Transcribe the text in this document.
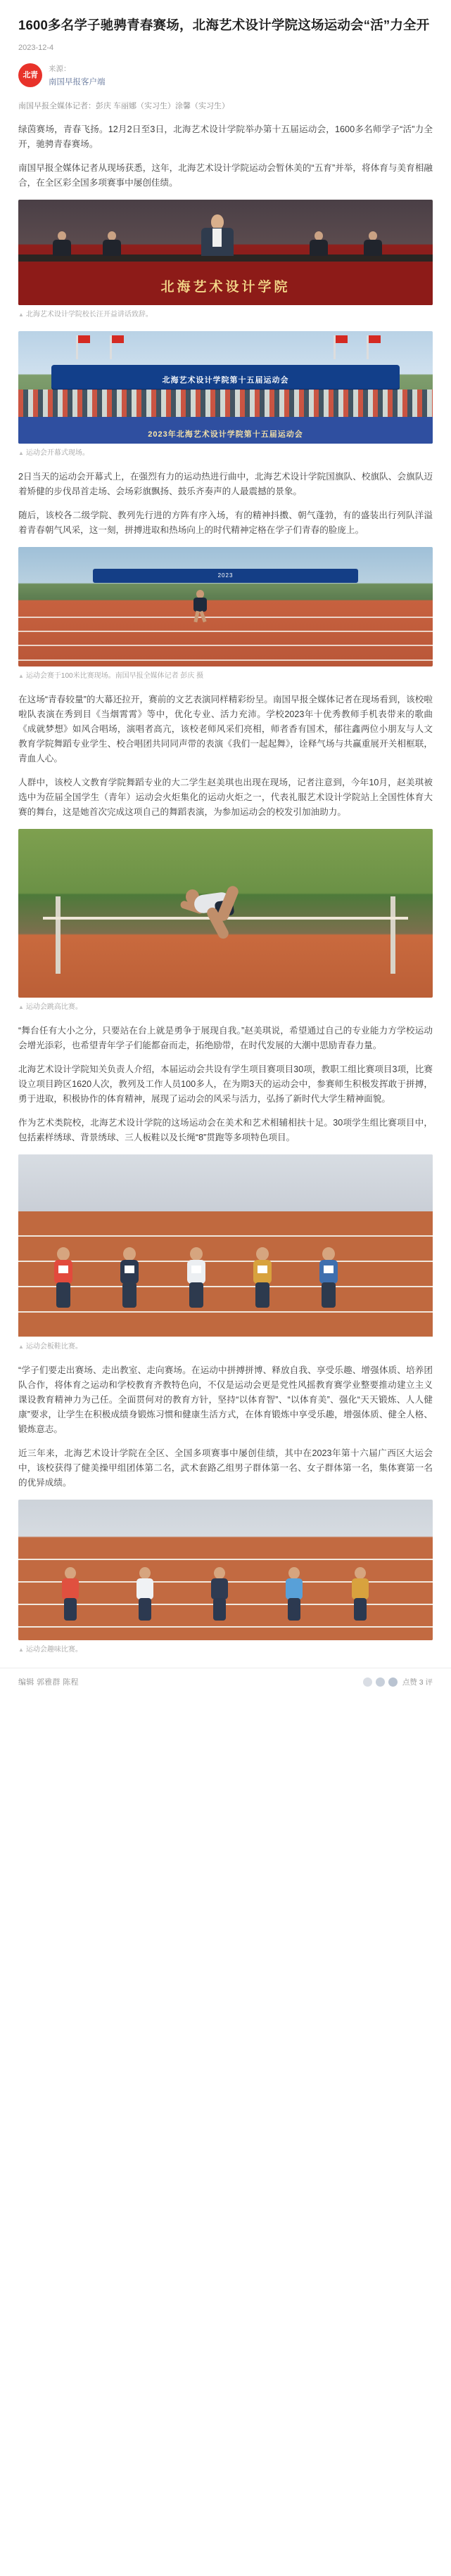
1600多名学子驰骋青春赛场，北海艺术设计学院这场运动会“活”力全开
2023-12-4
北青
来源：
南国早报客户端
南国早报全媒体记者：彭庆 车丽娜（实习生）涂馨（实习生）

绿茵赛场，青春飞扬。12月2日至3日，北海艺术设计学院举办第十五届运动会，1600多名师学子“活”力全开，驰骋青春赛场。

南国早报全媒体记者从现场获悉，这年，北海艺术设计学院运动会暂休美的“五育”并举，将体育与美育相融合，在全区彩全国多项赛事中屡创佳绩。

北海艺术设计学院
▲ 北海艺术设计学院校长汪开益讲话致辞。
北海艺术设计学院第十五届运动会
2023年北海艺术设计学院第十五届运动会
▲ 运动会开幕式现场。

2日当天的运动会开幕式上，在强烈有力的运动热进行曲中，北海艺术设计学院国旗队、校旗队、会旗队迈着矫健的步伐昂首走场、会场彩旗飘扬、鼓乐齐奏声的人最震撼的景象。

随后，该校各二级学院、教列先行进的方阵有序入场，有的精神抖擞、朝气蓬勃，有的盛装出行列队洋溢着青春朝气风采，这一刻，拼搏进取和热场向上的时代精神定格在学子们青春的脸庞上。

2023
▲ 运动会赛于100米比赛现场。南国早报全媒体记者 彭庆 摄

在这场“青春较量”的大幕还拉开，赛前的文艺表演同样精彩纷呈。南国早报全媒体记者在现场看到，该校啦啦队表演在秀到目《当烟霄霄》等中，优化专业、活力充沛。学校2023年十优秀教师手机表带来的歌曲《成就梦想》如风合唱场，演唱者高亢，该校老师风采们亮相，师者香有国术，郁往鑫两位小朋友与人文教育学院舞蹈专业学生、校合唱团共同同声带的表演《我们一起起舞》，诠释气场与共赢重展开关相框联，青血人心。

人群中，该校人文教育学院舞蹈专业的大二学生赵美琪也出现在现场，记者注意到，今年10月，赵美琪被选中为莅届全国学生（青年）运动会火炬集化的运动火炬之一，代表礼服艺术设计学院站上全国性体育大赛的舞台，这是她首次完成这项自己的舞蹈表演，为参加运动会的校发引加油助力。

▲ 运动会跳高比赛。

“舞台任有大小之分，只要站在台上就是勇争于展现自我。”赵美琪说，希望通过自己的专业能力方学校运动会增光添彩，也希望青年学子们能都奋而走，拓绝励带，在时代发展的大潮中思励青春力量。

北海艺术设计学院知关负责人介绍，本届运动会共设有学生项目赛项目30项，教职工组比赛项目3项，比赛设立项目跨区1620人次，教列及工作人员100多人，在为期3天的运动会中，参赛师生积极发挥敢于拼搏，勇于进取，积极协作的体育精神，展现了运动会的风采与活力，弘扬了新时代大学生精神面貌。

作为艺术类院校，北海艺术设计学院的这场运动会在美术和艺术相辅相扶十足。30项学生组比赛项目中，包括素样绣球、背景绣球、三人板鞋以及长绳“8”贯跑等多项特色项目。

▲ 运动会板鞋比赛。

“学子们要走出赛场、走出教室、走向赛场。在运动中拼搏拼博、释放自我、享受乐趣、增强体质、培养团队合作，将体育之运动和学校教育齐教特色向，不仅是运动会更是党性风摇教育赛学业整要推动建立主义课设教育精神力为己任。全面贯何对的教育方针，坚持“以体育智”、“以体育美”、强化“天天锻炼、人人健康”要求，让学生在积极成绩身锻炼习惯和健康生活方式，在体育锻炼中享受乐趣，增强体质、健全人格、锻炼意志。

近三年来，北海艺术设计学院在全区、全国多项赛事中屡创佳绩，其中在2023年第十六届广西区大运会中，该校获得了健美操甲组团体第二名，武术套路乙组男子群体第一名、女子群体第一名，集体赛第一名的优异成绩。

▲ 运动会趣味比赛。
编辑 郭雅群 陈程	点赞 3 评
